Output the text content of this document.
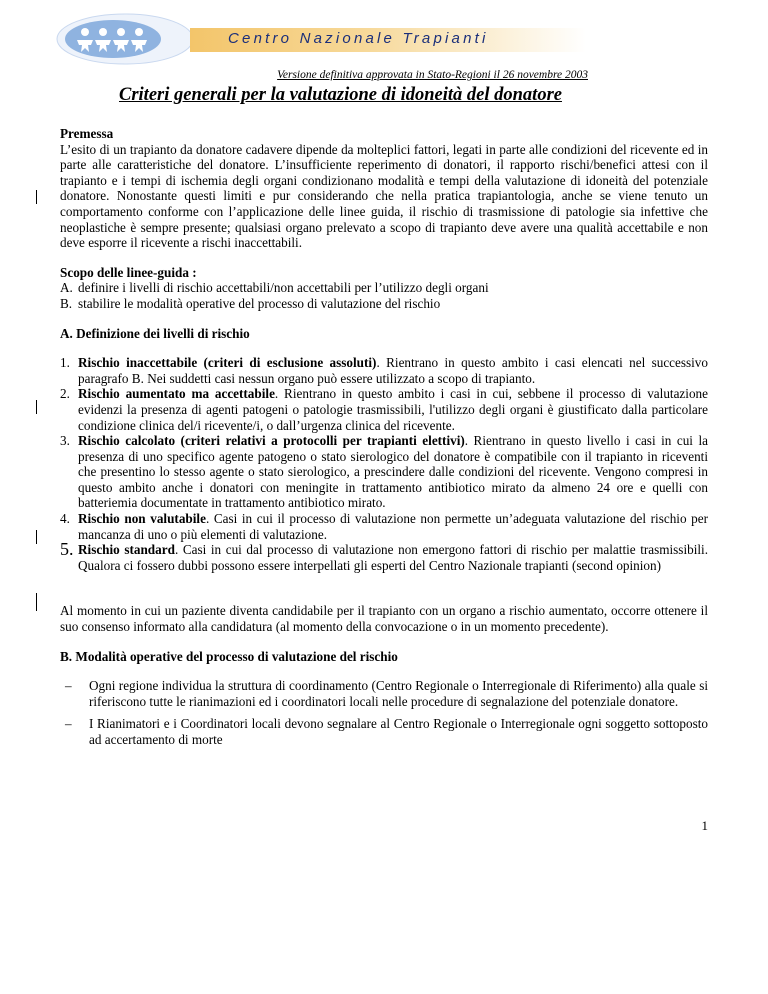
Centro Nazionale Trapianti
Versione definitiva approvata in Stato-Regioni il 26 novembre 2003
Criteri generali per la valutazione di idoneità del donatore

Premessa

L’esito di un trapianto da donatore cadavere dipende da molteplici fattori, legati in parte alle condizioni del ricevente ed in parte alle caratteristiche del donatore. L’insufficiente reperimento di donatori, il rapporto rischi/benefici attesi con il trapianto e i tempi di ischemia degli organi condizionano modalità e tempi della valutazione di idoneità del potenziale donatore. Nonostante questi limiti e pur considerando che nella pratica trapiantologia, anche se viene tenuto un comportamento conforme con l’applicazione delle linee guida, il rischio di trasmissione di patologie sia infettive che neoplastiche è sempre presente; qualsiasi organo prelevato a scopo di trapianto deve avere una qualità accettabile e non deve esporre il ricevente a rischi inaccettabili.

Scopo delle linee-guida :

A. definire i livelli di rischio accettabili/non accettabili per l’utilizzo degli organi
B. stabilire le modalità operative del processo di valutazione del rischio

A. Definizione dei livelli di rischio

1. Rischio inaccettabile (criteri di esclusione assoluti). Rientrano in questo ambito i casi elencati nel successivo paragrafo B. Nei suddetti casi nessun organo può essere utilizzato a scopo di trapianto.
2. Rischio aumentato ma accettabile. Rientrano in questo ambito i casi in cui, sebbene il processo di valutazione evidenzi la presenza di agenti patogeni o patologie trasmissibili, l'utilizzo degli organi è giustificato dalla particolare condizione clinica del/i ricevente/i, o dall’urgenza clinica del ricevente.
3. Rischio calcolato (criteri relativi a protocolli per trapianti elettivi). Rientrano in questo livello i casi in cui la presenza di uno specifico agente patogeno o stato sierologico del donatore è compatibile con il trapianto in riceventi che presentino lo stesso agente o stato sierologico, a prescindere dalle condizioni del ricevente. Vengono compresi in questo ambito anche i donatori con meningite in trattamento antibiotico mirato da almeno 24 ore e quelli con batteriemia documentate in trattamento antibiotico mirato.
4. Rischio non valutabile. Casi in cui il processo di valutazione non permette un’adeguata valutazione del rischio per mancanza di uno o più elementi di valutazione.
5. Rischio standard. Casi in cui dal processo di valutazione non emergono fattori di rischio per malattie trasmissibili. Qualora ci fossero dubbi possono essere interpellati gli esperti del Centro Nazionale trapianti (second opinion)

Al momento in cui un paziente diventa candidabile per il trapianto con un organo a rischio aumentato, occorre ottenere il suo consenso informato alla candidatura (al momento della convocazione o in un momento precedente).

B. Modalità operative del processo di valutazione del rischio

–	Ogni regione individua la struttura di coordinamento (Centro Regionale o Interregionale di Riferimento) alla quale si riferiscono tutte le rianimazioni ed i coordinatori locali nelle procedure di segnalazione del potenziale donatore.
–	I Rianimatori e i Coordinatori locali devono segnalare al Centro Regionale o Interregionale ogni soggetto sottoposto ad accertamento di morte
1
